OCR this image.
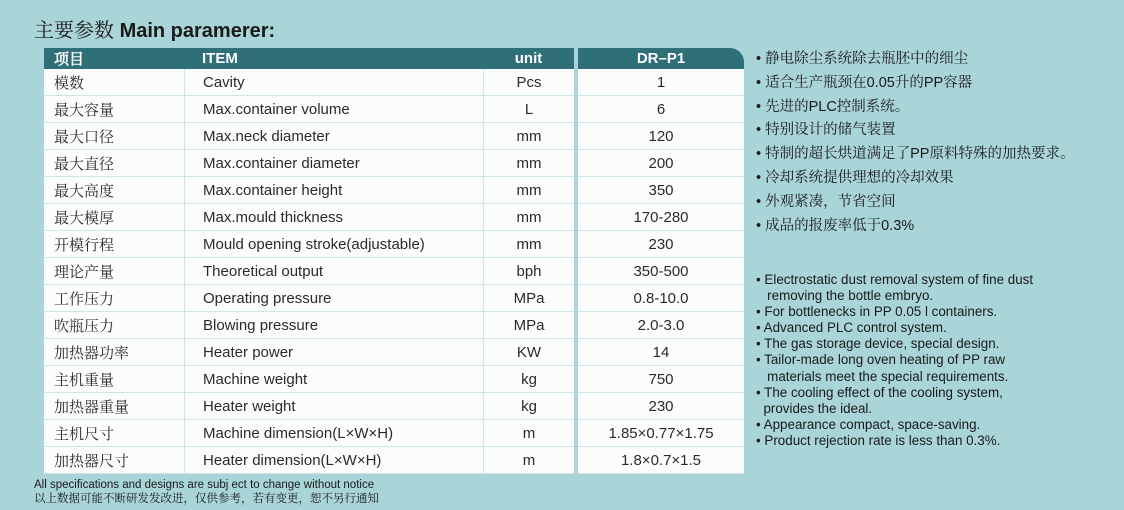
主要参数 Main paramerer:
项目	ITEM	unit		DR–P1
模数	Cavity	Pcs		1
最大容量	Max.container volume	L		6
最大口径	Max.neck diameter	mm		120
最大直径	Max.container diameter	mm		200
最大高度	Max.container height	mm		350
最大模厚	Max.mould thickness	mm		170-280
开模行程	Mould opening stroke(adjustable)	mm		230
理论产量	Theoretical output	bph		350-500
工作压力	Operating pressure	MPa		0.8-10.0
吹瓶压力	Blowing pressure	MPa		2.0-3.0
加热器功率	Heater power	KW		14
主机重量	Machine weight	kg		750
加热器重量	Heater weight	kg		230
主机尺寸	Machine dimension(L×W×H)	m		1.85×0.77×1.75
加热器尺寸	Heater dimension(L×W×H)	m		1.8×0.7×1.5
• 静电除尘系统除去瓶胚中的细尘
• 适合生产瓶颈在0.05升的PP容器
• 先进的PLC控制系统。
• 特别设计的储气装置
• 特制的超长烘道满足了PP原料特殊的加热要求。
• 冷却系统提供理想的冷却效果
• 外观紧凑，节省空间
• 成品的报废率低于0.3%
• Electrostatic dust removal system of fine dust
removing the bottle embryo.
• For bottlenecks in PP 0.05 l containers.
• Advanced PLC control system.
• The gas storage device, special design.
• Tailor-made long oven heating of PP raw
materials meet the special requirements.
• The cooling effect of the cooling system,
provides the ideal.
• Appearance compact, space-saving.
• Product rejection rate is less than 0.3%.
All specifications and designs are subj ect to change without notice
以上数据可能不断研发发改进，仅供参考，若有变更，恕不另行通知
